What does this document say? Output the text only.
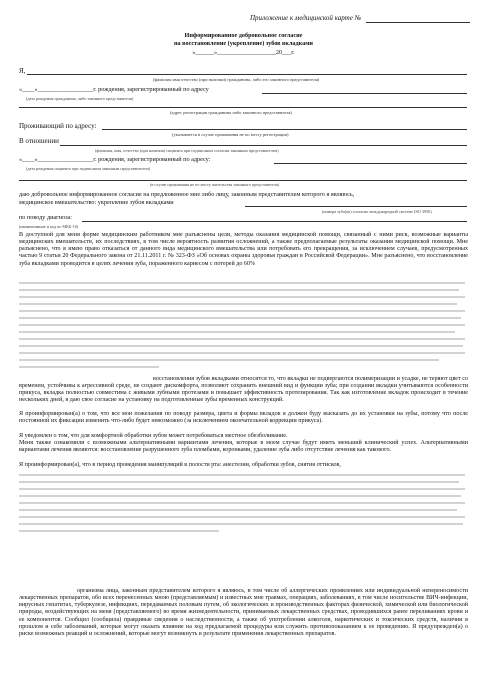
Приложение к медицинской карте №
Информированное добровольное согласие
на восстановление (укрепление) зубов вкладками
«______»___________________20___г.
Я,
(фамилия имя отчество (при наличии) гражданина, либо его законного представителя)
«____»__________________г. рождения, зарегистрированный по адресу
(дата рождения гражданина, либо законного представителя)
(адрес регистрации гражданина либо законного представителя)
Проживающий по адресу:
(указывается в случае проживания не по месту регистрации)
В отношении
(фамилия, имя, отчество (при наличии) пациента при подписании согласия законным представителем)
«____»__________________г. рождения, зарегистрированный по адресу:
(дата рождения пациента при подписании законным представителем)
(в случае проживания не по месту жительства законного представителя)
даю добровольное информированное согласие на предложенное мне либо лицу, законным представителем которого я являюсь,
медицинское вмешательство: укрепление зубов вкладками
(номера зуба(ов) согласно международной системе ISO 3950)
по поводу диагноза:
(наименование и код по МКБ-10)
В доступной для меня форме медицинским работником мне разъяснены цели, методы оказания медицинской помощи, связанный с ними риск, возможные варианты медицинских вмешательств, их последствиях, в том числе вероятность развития осложнений, а также предполагаемые результаты оказания медицинской помощи. Мне разъяснено, что я имею право отказаться от данного вида медицинского вмешательства или потребовать его прекращения, за исключением случаев, предусмотренных частью 9 статьи 20 Федерального закона от 21.11.2011 г. № 323-ФЗ «Об основах охраны здоровья граждан в Российской Федерации». Мне разъяснено, что восстановление зуба вкладками проводится в целях лечения зуба, пораженного кариесом с потерей до 60%
восстановления зубов вкладками относится то, что вкладки не подвергаются полимеризации и усадке, не теряют цвет со временем, устойчивы к агрессивной среде, не создают дискомфорта, позволяют сохранить внешний вид и функции зуба; при создании вкладки учитываются особенности прикуса, вкладка полностью совместима с живыми зубными протезами и повышает эффективность протезирования. Так как изготовление вкладок происходит в течение нескольких дней, я даю свое согласие на установку на подготовленные зубы временных конструкций.
Я проинформирован(а) о том, что все мои пожелания по поводу размера, цвета и формы вкладок я должен буду высказать до их установки на зубы, потому что после постоянной их фиксации изменить что-либо будет невозможно (за исключением окончательной коррекции прикуса).
Я уведомлен о том, что для комфортной обработки зубов может потребоваться местное обезболивание.
Меня также ознакомили с возможными альтернативными вариантами лечения, которые в моем случае будут иметь меньший клинический успех. Альтернативными вариантами лечения являются: восстановление разрушенного зуба пломбами, коронками, удаление зуба либо отсутствие лечения как такового.
Я проинформирован(а), что в период проведения манипуляций в полости рта: анестезии, обработки зубов, снятия оттисков,
организма лица, законным представителем которого я являюсь, в том числе об аллергических проявлениях или индивидуальной непереносимости лекарственных препаратов, обо всех перенесенных мною (представляемым) и известных мне травмах, операциях, заболеваниях, в том числе носительстве ВИЧ-инфекции, вирусных гепатитах, туберкулезе, инфекциях, передаваемых половым путем, об экологических и производственных факторах физической, химической или биологической природы, воздействующих на меня (представляемого) во время жизнедеятельности, принимаемых лекарственных средствах, проводившихся ранее переливаниях крови и ее компонентов. Сообщил (сообщила) правдивые сведения о наследственности, а также об употреблении алкоголя, наркотических и токсических средств, наличии в прошлом и себе заболеваний, которые могут оказать влияние на ход предлагаемой процедуры или служить противопоказанием к ее проведению. Я предупрежден(а) о риске возможных реакций и осложнений, которые могут возникнуть в результате применения лекарственных препаратов.
